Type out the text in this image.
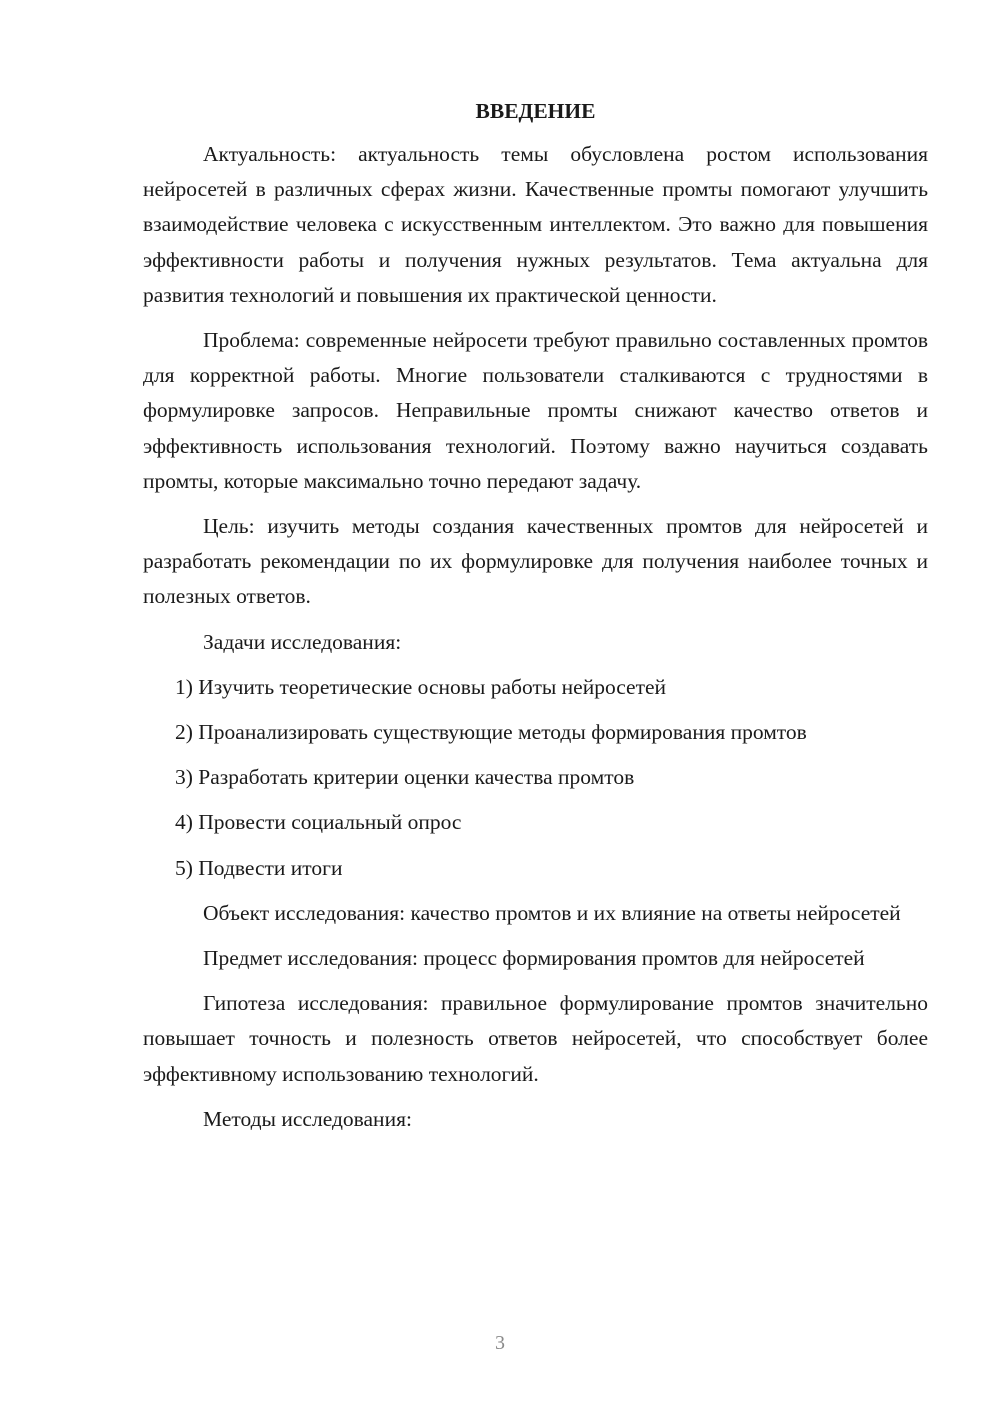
ВВЕДЕНИЕ

Актуальность: актуальность темы обусловлена ростом использования нейросетей в различных сферах жизни. Качественные промты помогают улучшить взаимодействие человека с искусственным интеллектом. Это важно для повышения эффективности работы и получения нужных результатов. Тема актуальна для развития технологий и повышения их практической ценности.

Проблема: современные нейросети требуют правильно составленных промтов для корректной работы. Многие пользователи сталкиваются с трудностями в формулировке запросов. Неправильные промты снижают качество ответов и эффективность использования технологий. Поэтому важно научиться создавать промты, которые максимально точно передают задачу.

Цель: изучить методы создания качественных промтов для нейросетей и разработать рекомендации по их формулировке для получения наиболее точных и полезных ответов.

Задачи исследования:

1) Изучить теоретические основы работы нейросетей
2) Проанализировать существующие методы формирования промтов
3) Разработать критерии оценки качества промтов
4) Провести социальный опрос
5) Подвести итоги

Объект исследования: качество промтов и их влияние на ответы нейросетей

Предмет исследования: процесс формирования промтов для нейросетей

Гипотеза исследования: правильное формулирование промтов значительно повышает точность и полезность ответов нейросетей, что способствует более эффективному использованию технологий.

Методы исследования:

3
